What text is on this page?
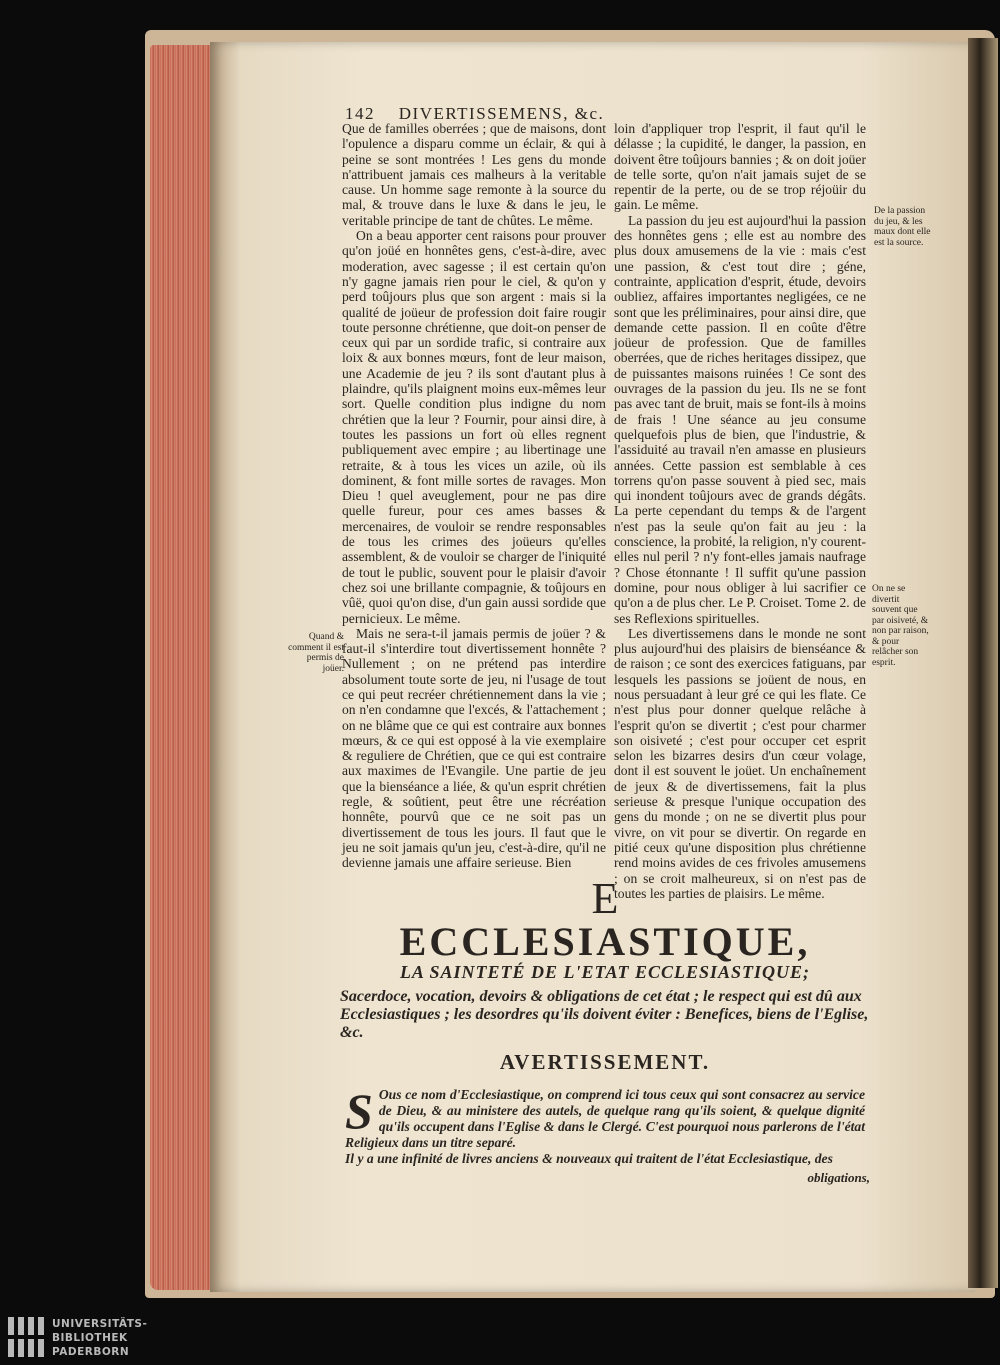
142 DIVERTISSEMENS, &c.

Que de familles oberrées ; que de maisons, dont l'opulence a disparu comme un éclair, & qui à peine se sont montrées ! Les gens du monde n'attribuent jamais ces malheurs à la veritable cause. Un homme sage remonte à la source du mal, & trouve dans le luxe & dans le jeu, le veritable principe de tant de chûtes. Le même.

On a beau apporter cent raisons pour prouver qu'on joüé en honnêtes gens, c'est-à-dire, avec moderation, avec sagesse ; il est certain qu'on n'y gagne jamais rien pour le ciel, & qu'on y perd toûjours plus que son argent : mais si la qualité de joüeur de profession doit faire rougir toute personne chrétienne, que doit-on penser de ceux qui par un sordide trafic, si contraire aux loix & aux bonnes mœurs, font de leur maison, une Academie de jeu ? ils sont d'autant plus à plaindre, qu'ils plaignent moins eux-mêmes leur sort. Quelle condition plus indigne du nom chrétien que la leur ? Fournir, pour ainsi dire, à toutes les passions un fort où elles regnent publiquement avec empire ; au libertinage une retraite, & à tous les vices un azile, où ils dominent, & font mille sortes de ravages. Mon Dieu ! quel aveuglement, pour ne pas dire quelle fureur, pour ces ames basses & mercenaires, de vouloir se rendre responsables de tous les crimes des joüeurs qu'elles assemblent, & de vouloir se charger de l'iniquité de tout le public, souvent pour le plaisir d'avoir chez soi une brillante compagnie, & toûjours en vûë, quoi qu'on dise, d'un gain aussi sordide que pernicieux. Le même.

Mais ne sera-t-il jamais permis de joüer ? & faut-il s'interdire tout divertissement honnête ? Nullement ; on ne prétend pas interdire absolument toute sorte de jeu, ni l'usage de tout ce qui peut recréer chrétiennement dans la vie ; on n'en condamne que l'excés, & l'attachement ; on ne blâme que ce qui est contraire aux bonnes mœurs, & ce qui est opposé à la vie exemplaire & reguliere de Chrétien, que ce qui est contraire aux maximes de l'Evangile. Une partie de jeu que la bienséance a liée, & qu'un esprit chrétien regle, & soûtient, peut être une récréation honnête, pourvû que ce ne soit pas un divertissement de tous les jours. Il faut que le jeu ne soit jamais qu'un jeu, c'est-à-dire, qu'il ne devienne jamais une affaire serieuse. Bien

loin d'appliquer trop l'esprit, il faut qu'il le délasse ; la cupidité, le danger, la passion, en doivent être toûjours bannies ; & on doit joüer de telle sorte, qu'on n'ait jamais sujet de se repentir de la perte, ou de se trop réjoüir du gain. Le même.

La passion du jeu est aujourd'hui la passion des honnêtes gens ; elle est au nombre des plus doux amusemens de la vie : mais c'est une passion, & c'est tout dire ; géne, contrainte, application d'esprit, étude, devoirs oubliez, affaires importantes negligées, ce ne sont que les préliminaires, pour ainsi dire, que demande cette passion. Il en coûte d'être joüeur de profession. Que de familles oberrées, que de riches heritages dissipez, que de puissantes maisons ruinées ! Ce sont des ouvrages de la passion du jeu. Ils ne se font pas avec tant de bruit, mais se font-ils à moins de frais ! Une séance au jeu consume quelquefois plus de bien, que l'industrie, & l'assiduité au travail n'en amasse en plusieurs années. Cette passion est semblable à ces torrens qu'on passe souvent à pied sec, mais qui inondent toûjours avec de grands dégâts. La perte cependant du temps & de l'argent n'est pas la seule qu'on fait au jeu : la conscience, la probité, la religion, n'y courent-elles nul peril ? n'y font-elles jamais naufrage ? Chose étonnante ! Il suffit qu'une passion domine, pour nous obliger à lui sacrifier ce qu'on a de plus cher. Le P. Croiset. Tome 2. de ses Reflexions spirituelles.

Les divertissemens dans le monde ne sont plus aujourd'hui des plaisirs de bienséance & de raison ; ce sont des exercices fatiguans, par lesquels les passions se joüent de nous, en nous persuadant à leur gré ce qui les flate. Ce n'est plus pour donner quelque relâche à l'esprit qu'on se divertit ; c'est pour charmer son oisiveté ; c'est pour occuper cet esprit selon les bizarres desirs d'un cœur volage, dont il est souvent le joüet. Un enchaînement de jeux & de divertissemens, fait la plus serieuse & presque l'unique occupation des gens du monde ; on ne se divertit plus pour vivre, on vit pour se divertir. On regarde en pitié ceux qu'une disposition plus chrétienne rend moins avides de ces frivoles amusemens ; on se croit malheureux, si on n'est pas de toutes les parties de plaisirs. Le même.

Quand & comment il est permis de joüer.
De la passion du jeu, & les maux dont elle est la source.
On ne se divertit souvent que par oisiveté, & non par raison, & pour relâcher son esprit.
E
ECCLESIASTIQUE,
LA SAINTETÉ DE L'ETAT ECCLESIASTIQUE;
Sacerdoce, vocation, devoirs & obligations de cet état ; le respect qui est dû aux Ecclesiastiques ; les desordres qu'ils doivent éviter : Benefices, biens de l'Eglise, &c.
AVERTISSEMENT.

S Ous ce nom d'Ecclesiastique, on comprend ici tous ceux qui sont consacrez au service de Dieu, & au ministere des autels, de quelque rang qu'ils soient, & quelque dignité qu'ils occupent dans l'Eglise & dans le Clergé. C'est pourquoi nous parlerons de l'état Religieux dans un titre separé.

Il y a une infinité de livres anciens & nouveaux qui traitent de l'état Ecclesiastique, des

obligations,
UNIVERSITÄTS-
BIBLIOTHEK
PADERBORN
